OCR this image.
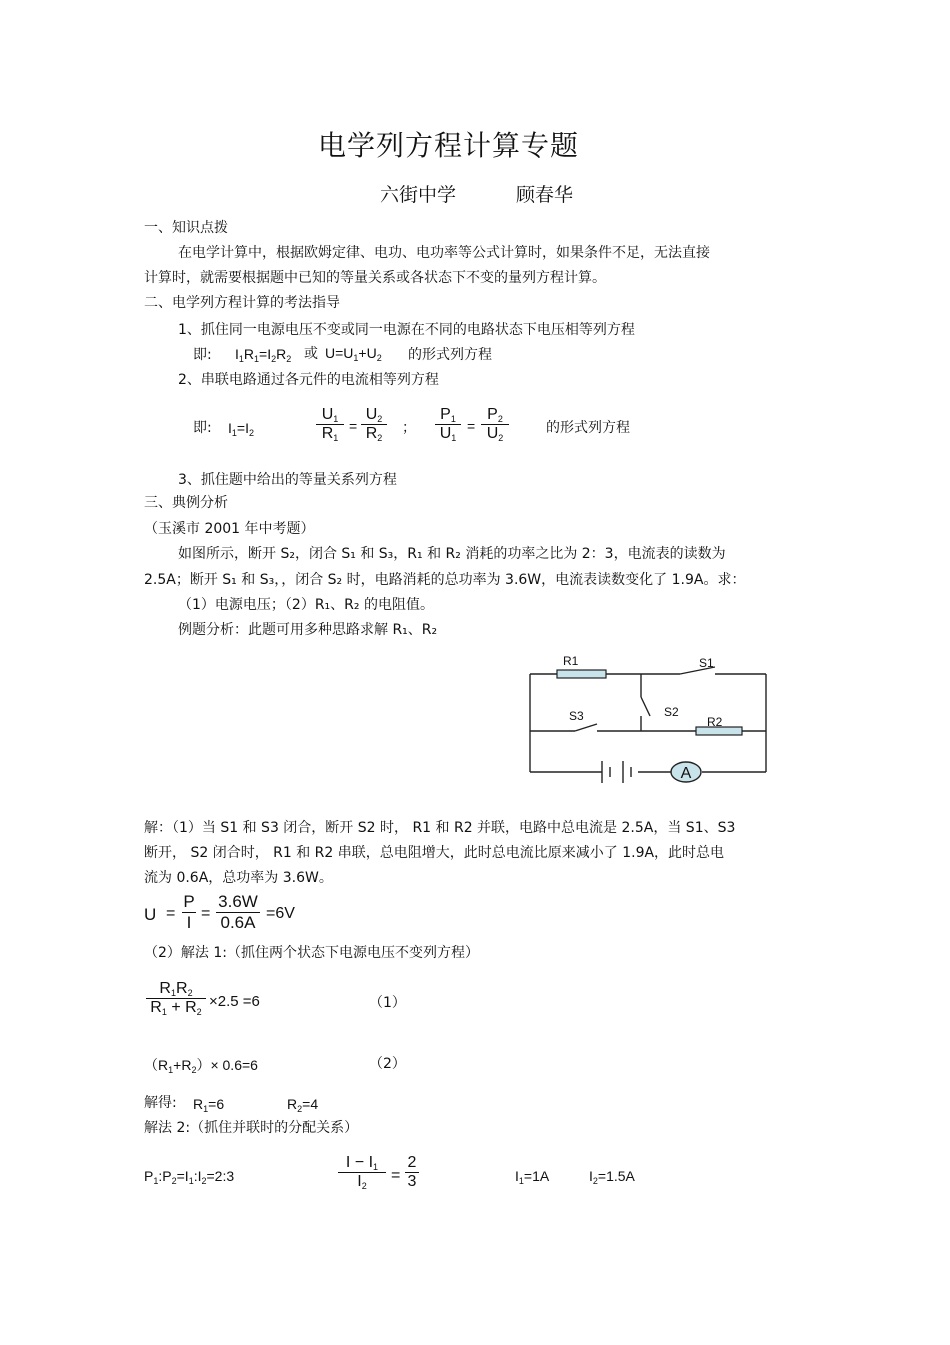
电学列方程计算专题
六街中学	顾春华
一、知识点拨
在电学计算中，根据欧姆定律、电功、电功率等公式计算时，如果条件不足，无法直接
计算时，就需要根据题中已知的等量关系或各状态下不变的量列方程计算。
二、电学列方程计算的考法指导
1、抓住同一电源电压不变或同一电源在不同的电路状态下电压相等列方程
即: $I_1R_1=I_2R_2$ 或 $U=U_1+U_2$ 的形式列方程
2、串联电路通过各元件的电流相等列方程
即: $I_1=I_2$
$U_1$
$R_1$
=
$U_2$
$R_2$
；
$P_1$
$U_1$
=
$P_2$
$U_2$
的形式列方程
3、抓住题中给出的等量关系列方程
三、典例分析
（玉溪市 2001 年中考题）
如图所示，断开 S₂，闭合 S₁ 和 S₃，R₁ 和 R₂ 消耗的功率之比为 2：3，电流表的读数为
2.5A；断开 S₁ 和 S₃，，闭合 S₂ 时，电路消耗的总功率为 3.6W，电流表读数变化了 1.9A。求：
（1）电源电压；（2）R₁、R₂ 的电阻值。
例题分析：此题可用多种思路求解 R₁、R₂
A
R1	S1
S2
S3	R2
解：（1）当 S1 和 S3 闭合，断开 S2 时， R1 和 R2 并联，电路中总电流是 2.5A，当 S1、S3
断开， S2 闭合时， R1 和 R2 串联，总电阻增大，此时总电流比原来减小了 1.9A，此时总电
流为 0.6A，总功率为 3.6W。
U =
P
I =
3.6W
0.6A =6V
（2）解法 1:（抓住两个状态下电源电压不变列方程）
$R_1R_2$
$R_1 + R_2$
×2.5 =6	（1）
$(R_1+R_2)\times 0.6=6$	（2）
解得: $R_1=6$	$R_2=4$
解法 2:（抓住并联时的分配关系）
$P_1:P_2=I_1:I_2=2:3$
$I - I_1$
$I_2$
=
2
3	$I_1=1A$	$I_2=1.5A$
